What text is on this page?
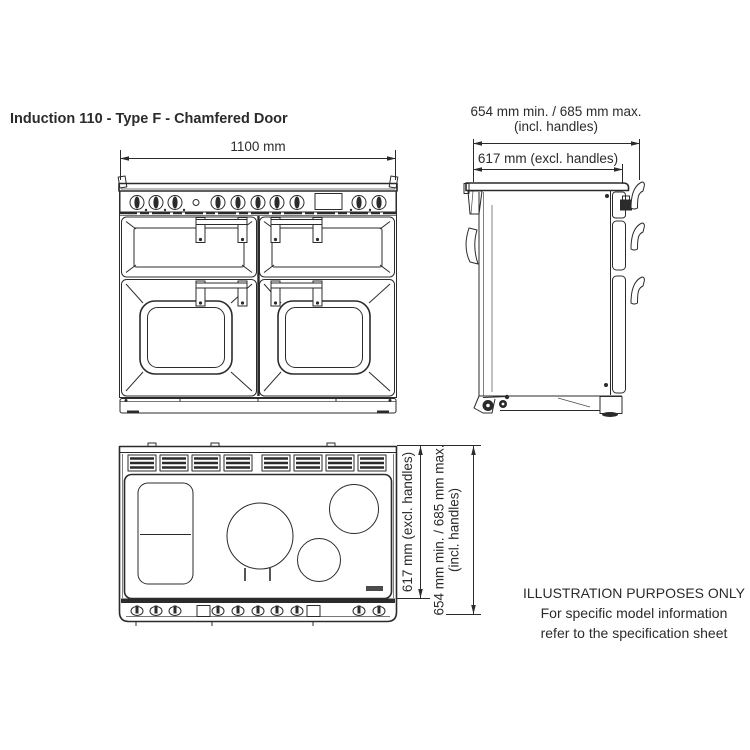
Induction 110 - Type F - Chamfered Door
1100 mm
654 mm min. / 685 mm max.
(incl. handles)
617 mm (excl. handles)
617 mm (excl. handles) 654 mm min. / 685 mm max. (incl. handles)
ILLUSTRATION PURPOSES ONLY
For specific model information
refer to the specification sheet
